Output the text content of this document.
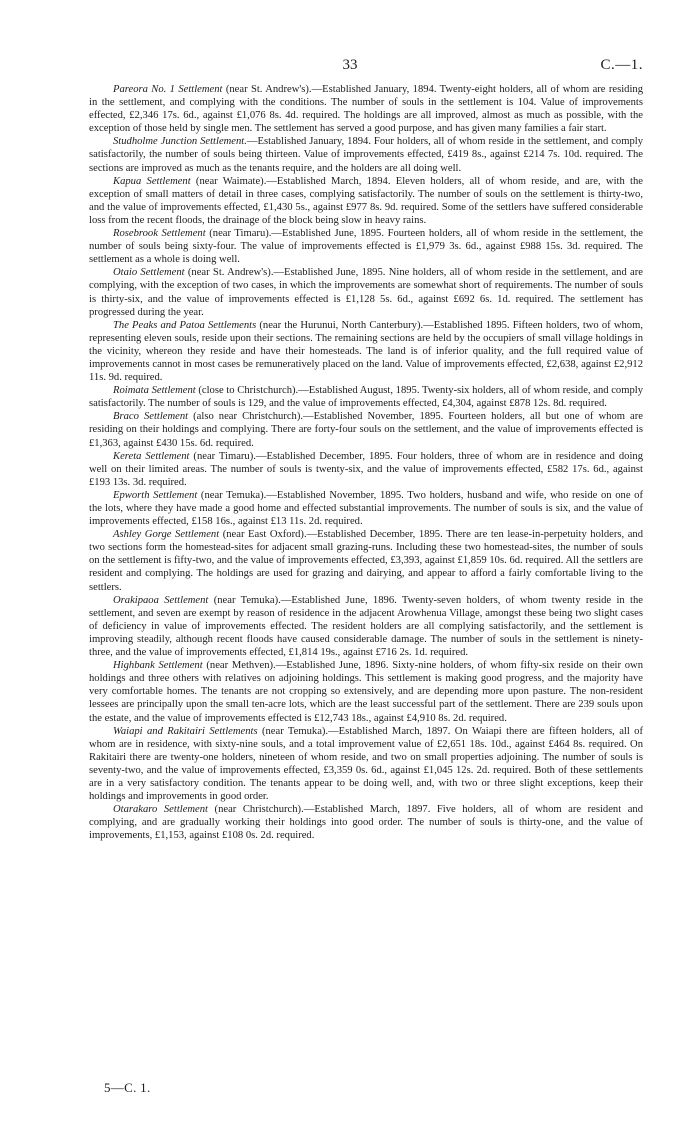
33	C.—1.

Pareora No. 1 Settlement (near St. Andrew's).—Established January, 1894. Twenty-eight holders, all of whom are residing in the settlement, and complying with the conditions. The number of souls in the settlement is 104. Value of improvements effected, £2,346 17s. 6d., against £1,076 8s. 4d. required. The holdings are all improved, almost as much as possible, with the exception of those held by single men. The settlement has served a good purpose, and has given many families a fair start.

Studholme Junction Settlement.—Established January, 1894. Four holders, all of whom reside in the settlement, and comply satisfactorily, the number of souls being thirteen. Value of improvements effected, £419 8s., against £214 7s. 10d. required. The sections are improved as much as the tenants require, and the holders are all doing well.

Kapua Settlement (near Waimate).—Established March, 1894. Eleven holders, all of whom reside, and are, with the exception of small matters of detail in three cases, complying satisfactorily. The number of souls on the settlement is thirty-two, and the value of improvements effected, £1,430 5s., against £977 8s. 9d. required. Some of the settlers have suffered considerable loss from the recent floods, the drainage of the block being slow in heavy rains.

Rosebrook Settlement (near Timaru).—Established June, 1895. Fourteen holders, all of whom reside in the settlement, the number of souls being sixty-four. The value of improvements effected is £1,979 3s. 6d., against £988 15s. 3d. required. The settlement as a whole is doing well.

Otaio Settlement (near St. Andrew's).—Established June, 1895. Nine holders, all of whom reside in the settlement, and are complying, with the exception of two cases, in which the improvements are somewhat short of requirements. The number of souls is thirty-six, and the value of improvements effected is £1,128 5s. 6d., against £692 6s. 1d. required. The settlement has progressed during the year.

The Peaks and Patoa Settlements (near the Hurunui, North Canterbury).—Established 1895. Fifteen holders, two of whom, representing eleven souls, reside upon their sections. The remaining sections are held by the occupiers of small village holdings in the vicinity, whereon they reside and have their homesteads. The land is of inferior quality, and the full required value of improvements cannot in most cases be remuneratively placed on the land. Value of improvements effected, £2,638, against £2,912 11s. 9d. required.

Roimata Settlement (close to Christchurch).—Established August, 1895. Twenty-six holders, all of whom reside, and comply satisfactorily. The number of souls is 129, and the value of improvements effected, £4,304, against £878 12s. 8d. required.

Braco Settlement (also near Christchurch).—Established November, 1895. Fourteen holders, all but one of whom are residing on their holdings and complying. There are forty-four souls on the settlement, and the value of improvements effected is £1,363, against £430 15s. 6d. required.

Kereta Settlement (near Timaru).—Established December, 1895. Four holders, three of whom are in residence and doing well on their limited areas. The number of souls is twenty-six, and the value of improvements effected, £582 17s. 6d., against £193 13s. 3d. required.

Epworth Settlement (near Temuka).—Established November, 1895. Two holders, husband and wife, who reside on one of the lots, where they have made a good home and effected substantial improvements. The number of souls is six, and the value of improvements effected, £158 16s., against £13 11s. 2d. required.

Ashley Gorge Settlement (near East Oxford).—Established December, 1895. There are ten lease-in-perpetuity holders, and two sections form the homestead-sites for adjacent small grazing-runs. Including these two homestead-sites, the number of souls on the settlement is fifty-two, and the value of improvements effected, £3,393, against £1,859 10s. 6d. required. All the settlers are resident and complying. The holdings are used for grazing and dairying, and appear to afford a fairly comfortable living to the settlers.

Orakipaoa Settlement (near Temuka).—Established June, 1896. Twenty-seven holders, of whom twenty reside in the settlement, and seven are exempt by reason of residence in the adjacent Arowhenua Village, amongst these being two slight cases of deficiency in value of improvements effected. The resident holders are all complying satisfactorily, and the settlement is improving steadily, although recent floods have caused considerable damage. The number of souls in the settlement is ninety-three, and the value of improvements effected, £1,814 19s., against £716 2s. 1d. required.

Highbank Settlement (near Methven).—Established June, 1896. Sixty-nine holders, of whom fifty-six reside on their own holdings and three others with relatives on adjoining holdings. This settlement is making good progress, and the majority have very comfortable homes. The tenants are not cropping so extensively, and are depending more upon pasture. The non-resident lessees are principally upon the small ten-acre lots, which are the least successful part of the settlement. There are 239 souls upon the estate, and the value of improvements effected is £12,743 18s., against £4,910 8s. 2d. required.

Waiapi and Rakitairi Settlements (near Temuka).—Established March, 1897. On Waiapi there are fifteen holders, all of whom are in residence, with sixty-nine souls, and a total improvement value of £2,651 18s. 10d., against £464 8s. required. On Rakitairi there are twenty-one holders, nineteen of whom reside, and two on small properties adjoining. The number of souls is seventy-two, and the value of improvements effected, £3,359 0s. 6d., against £1,045 12s. 2d. required. Both of these settlements are in a very satisfactory condition. The tenants appear to be doing well, and, with two or three slight exceptions, keep their holdings and improvements in good order.

Otarakaro Settlement (near Christchurch).—Established March, 1897. Five holders, all of whom are resident and complying, and are gradually working their holdings into good order. The number of souls is thirty-one, and the value of improvements, £1,153, against £108 0s. 2d. required.

5—C. 1.
